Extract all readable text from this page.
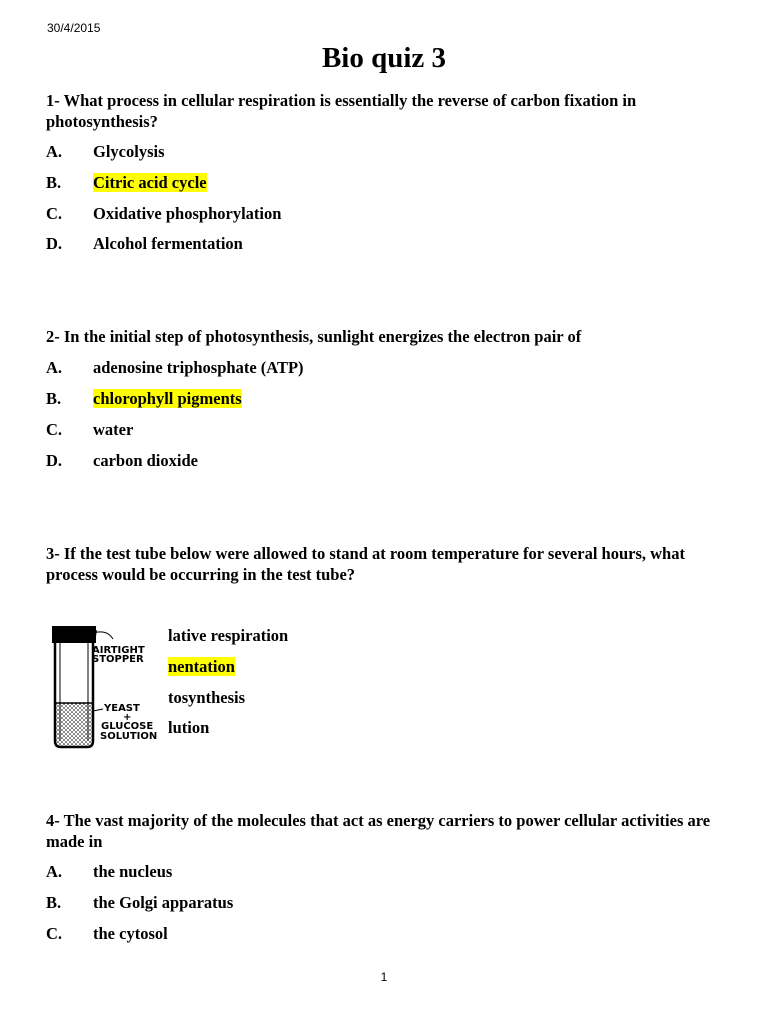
30/4/2015
Bio quiz 3
1- What process in cellular respiration is essentially the reverse of carbon fixation in photosynthesis?
A. Glycolysis
B. Citric acid cycle
C. Oxidative phosphorylation
D. Alcohol fermentation
2- In the initial step of photosynthesis, sunlight energizes the electron pair of
A. adenosine triphosphate (ATP)
B. chlorophyll pigments
C. water
D. carbon dioxide
3- If the test tube below were allowed to stand at room temperature for several hours, what process would be occurring in the test tube?
lative respiration
nentation
tosynthesis
lution
AIRTIGHT
STOPPER
YEAST
+
GLUCOSE
SOLUTION
4- The vast majority of the molecules that act as energy carriers to power cellular activities are made in
A. the nucleus
B. the Golgi apparatus
C. the cytosol
1
